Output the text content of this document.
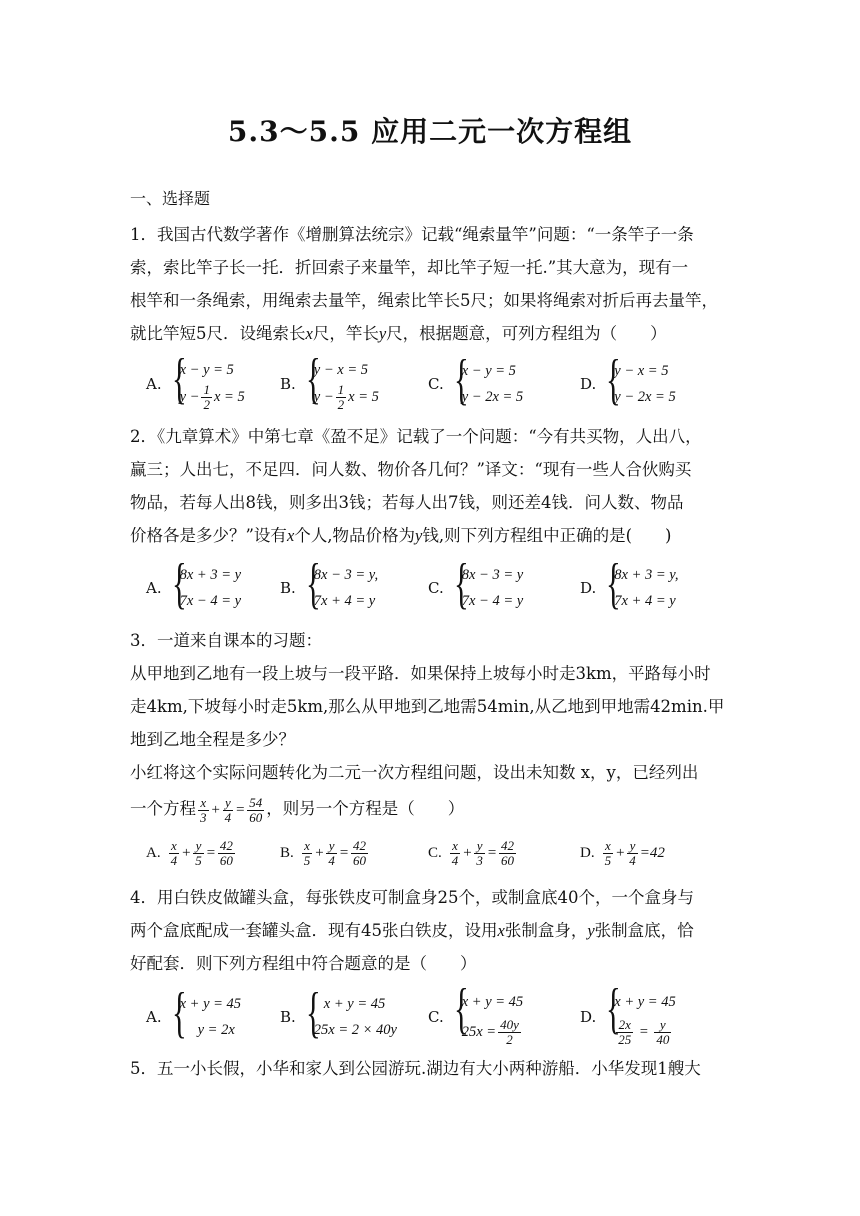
5.3～5.5 应用二元一次方程组
一、选择题
1．我国古代数学著作《增删算法统宗》记载“绳索量竿”问题：“一条竿子一条
索，索比竿子长一托．折回索子来量竿，却比竿子短一托.”其大意为，现有一
根竿和一条绳索，用绳索去量竿，绳索比竿长5尺；如果将绳索对折后再去量竿，
就比竿短5尺．设绳索长x尺，竿长y尺，根据题意，可列方程组为（　　）
A.
{ x − y = 5
$y - \frac{1}{2}$ x = 5
B.
{ y − x = 5
$y - \frac{1}{2}$ x = 5
C.
{ x − y = 5
y − 2x = 5
D.
{ y − x = 5
y − 2x = 5
2．《九章算术》中第七章《盈不足》记载了一个问题：“今有共买物，人出八，
赢三；人出七，不足四．问人数、物价各几何？”译文：“现有一些人合伙购买
物品，若每人出8钱，则多出3钱；若每人出7钱，则还差4钱．问人数、物品
价格各是多少？”设有x个人,物品价格为y钱,则下列方程组中正确的是(　　)
A.
{ 8x + 3 = y
7x − 4 = y
B.
{ 8x − 3 = y,
7x + 4 = y
C.
{ 8x − 3 = y
7x − 4 = y
D.
{ 8x + 3 = y,
7x + 4 = y
3．一道来自课本的习题：
从甲地到乙地有一段上坡与一段平路．如果保持上坡每小时走3km，平路每小时
走4km,下坡每小时走5km,那么从甲地到乙地需54min,从乙地到甲地需42min.甲
地到乙地全程是多少？
小红将这个实际问题转化为二元一次方程组问题，设出未知数 x，y，已经列出
一个方程 $\frac{x}{3} + \frac{y}{4} = \frac{54}{60}$ ，则另一个方程是（　　）
A. $\frac{x}{4} + \frac{y}{5} = \frac{42}{60}$	B. $\frac{x}{5} + \frac{y}{4} = \frac{42}{60}$	C. $\frac{x}{4} + \frac{y}{3} = \frac{42}{60}$	D. $\frac{x}{5} + \frac{y}{4} = 42$
4．用白铁皮做罐头盒，每张铁皮可制盒身25个，或制盒底40个，一个盒身与
两个盒底配成一套罐头盒．现有45张白铁皮，设用x张制盒身，y张制盒底，恰
好配套．则下列方程组中符合题意的是（　　）
A.
{ x + y = 45
y = 2x
B.
{ x + y = 45
25x = 2 × 40y
C.
{ x + y = 45
$25x = \frac{40y}{2}$
D.
{ x + y = 45
$\frac{2x}{25} = \frac{y}{40}$
5．五一小长假，小华和家人到公园游玩.湖边有大小两种游船．小华发现1艘大
